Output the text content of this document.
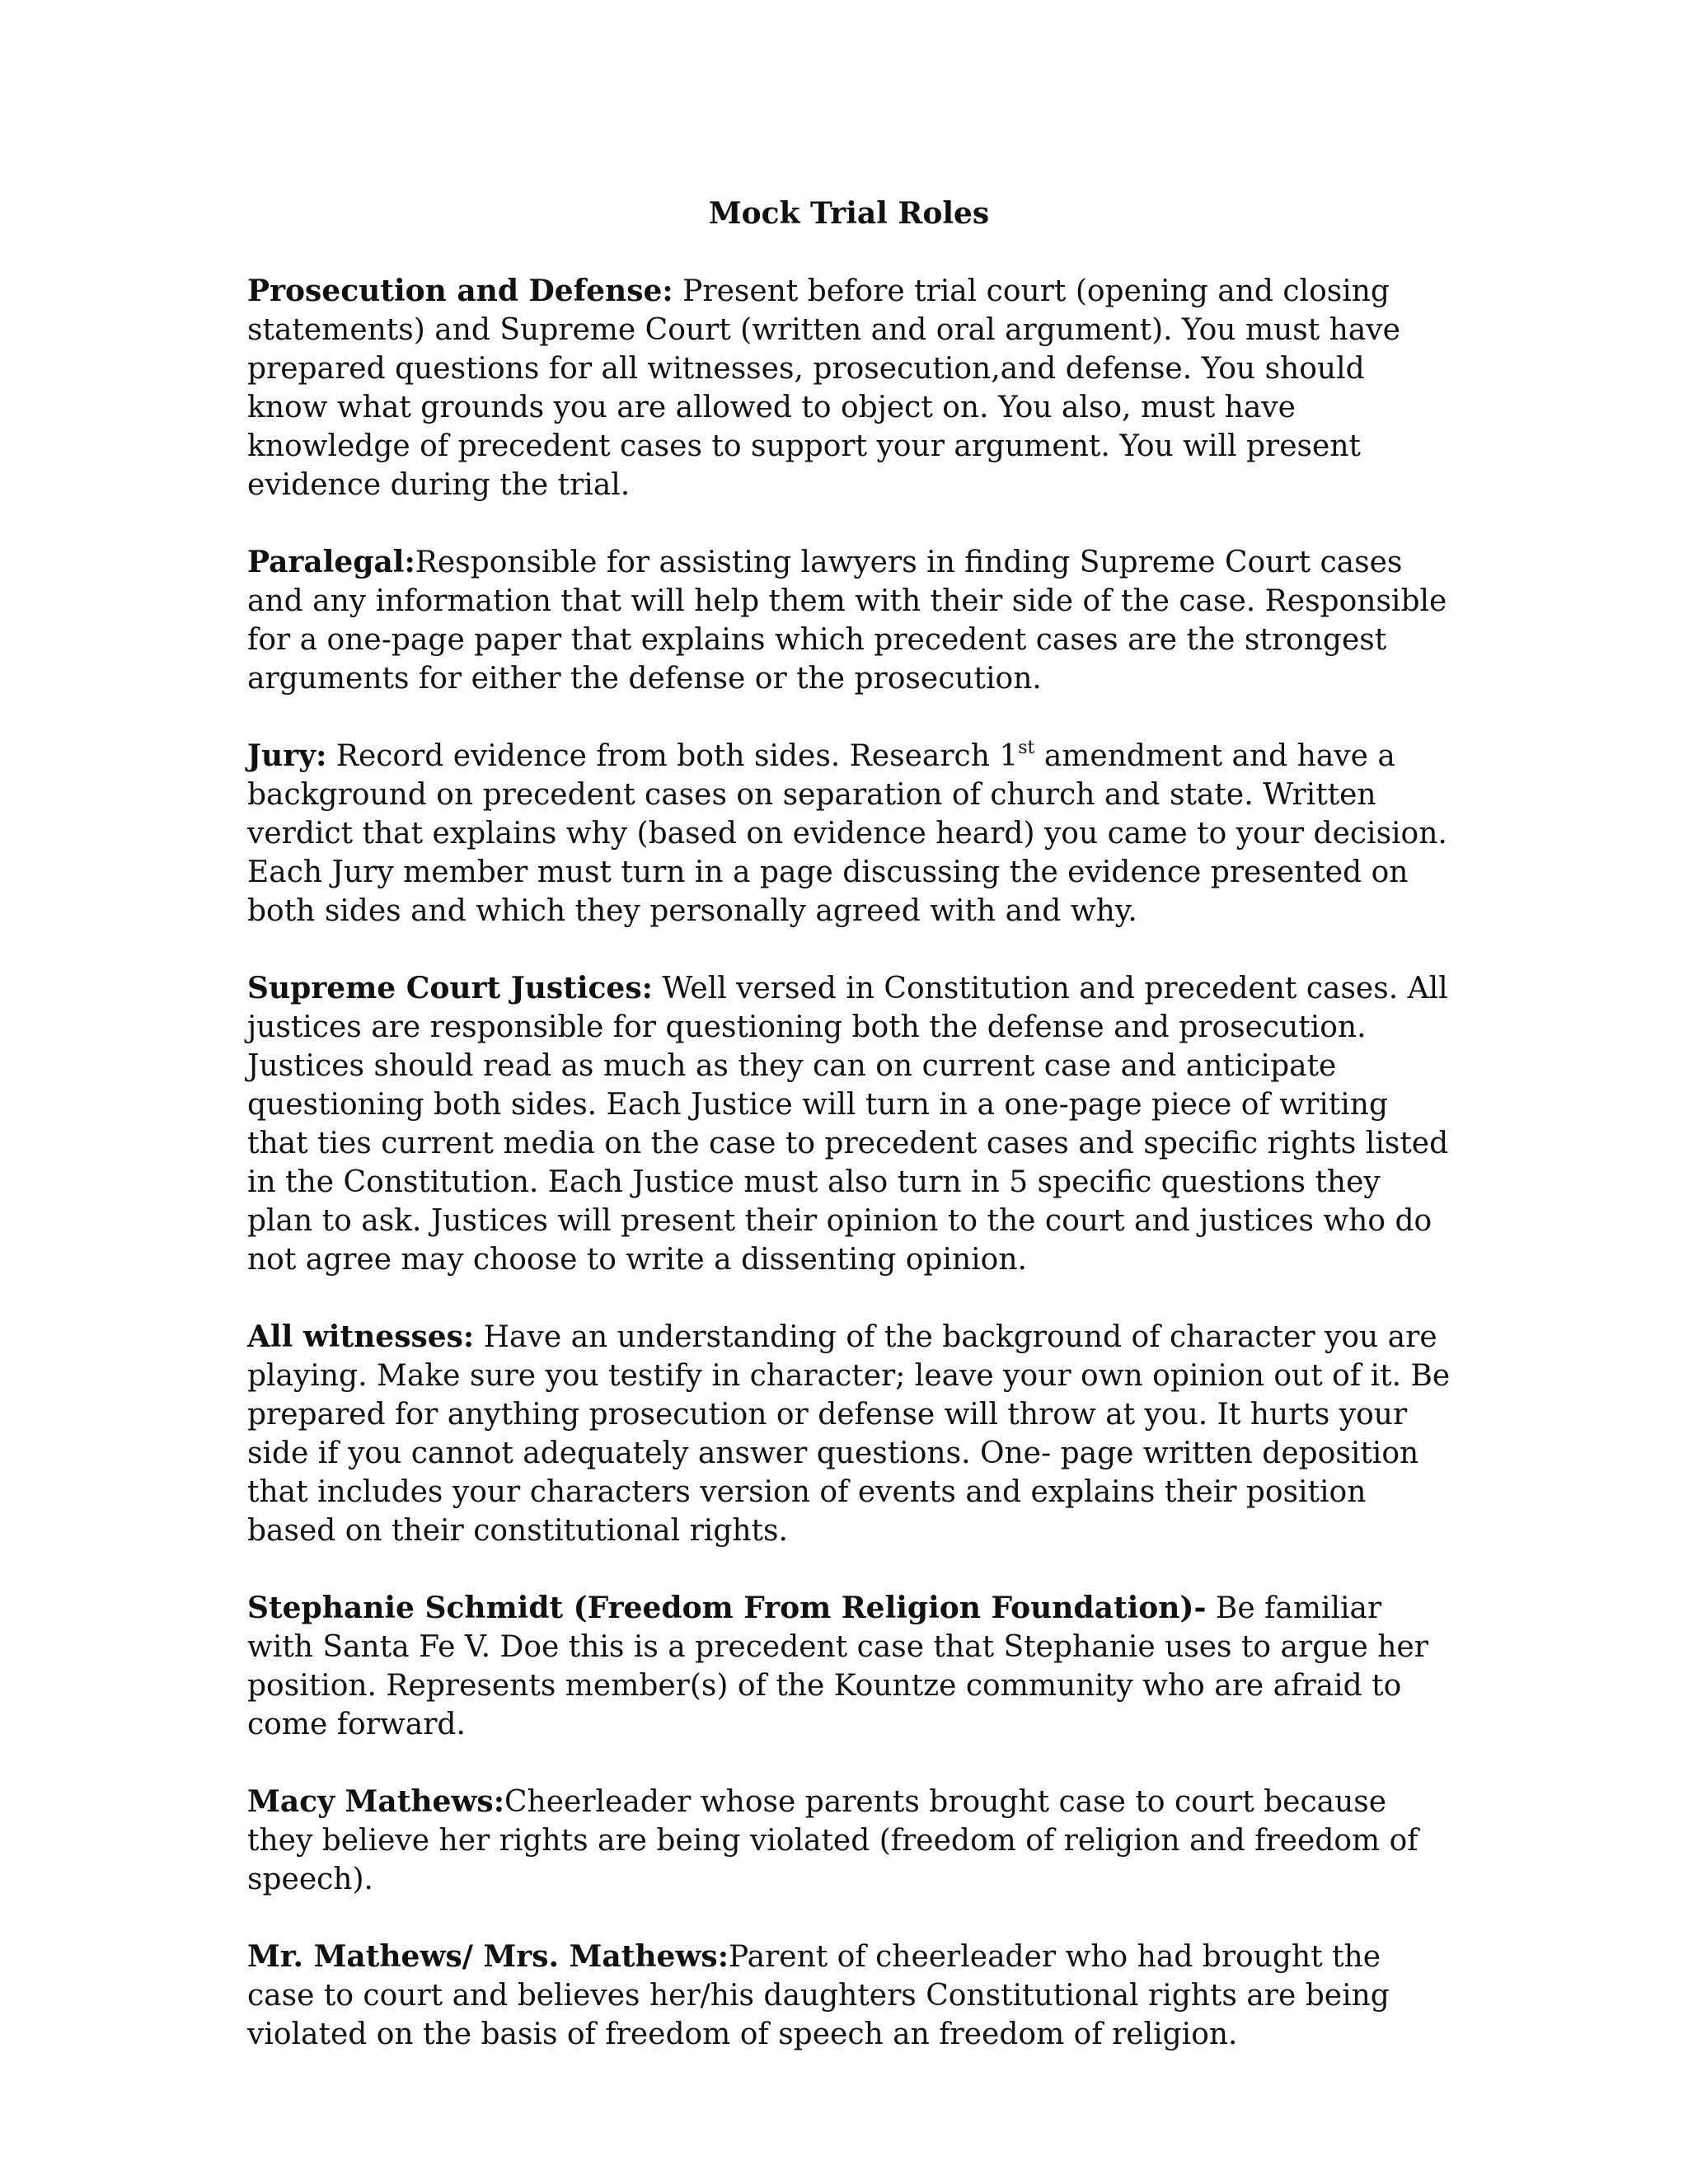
Mock Trial Roles

Prosecution and Defense: Present before trial court (opening and closing statements) and Supreme Court (written and oral argument). You must have prepared questions for all witnesses, prosecution,and defense. You should know what grounds you are allowed to object on. You also, must have knowledge of precedent cases to support your argument. You will present evidence during the trial.

Paralegal:Responsible for assisting lawyers in finding Supreme Court cases and any information that will help them with their side of the case. Responsible for a one-page paper that explains which precedent cases are the strongest arguments for either the defense or the prosecution.

Jury: Record evidence from both sides. Research 1st amendment and have a background on precedent cases on separation of church and state. Written verdict that explains why (based on evidence heard) you came to your decision. Each Jury member must turn in a page discussing the evidence presented on both sides and which they personally agreed with and why.

Supreme Court Justices: Well versed in Constitution and precedent cases. All justices are responsible for questioning both the defense and prosecution. Justices should read as much as they can on current case and anticipate questioning both sides. Each Justice will turn in a one-page piece of writing that ties current media on the case to precedent cases and specific rights listed in the Constitution. Each Justice must also turn in 5 specific questions they plan to ask. Justices will present their opinion to the court and justices who do not agree may choose to write a dissenting opinion.

All witnesses: Have an understanding of the background of character you are playing. Make sure you testify in character; leave your own opinion out of it. Be prepared for anything prosecution or defense will throw at you. It hurts your side if you cannot adequately answer questions. One- page written deposition that includes your characters version of events and explains their position based on their constitutional rights.

Stephanie Schmidt (Freedom From Religion Foundation)- Be familiar with Santa Fe V. Doe this is a precedent case that Stephanie uses to argue her position. Represents member(s) of the Kountze community who are afraid to come forward.

Macy Mathews:Cheerleader whose parents brought case to court because they believe her rights are being violated (freedom of religion and freedom of speech).

Mr. Mathews/ Mrs. Mathews:Parent of cheerleader who had brought the case to court and believes her/his daughters Constitutional rights are being violated on the basis of freedom of speech an freedom of religion.
